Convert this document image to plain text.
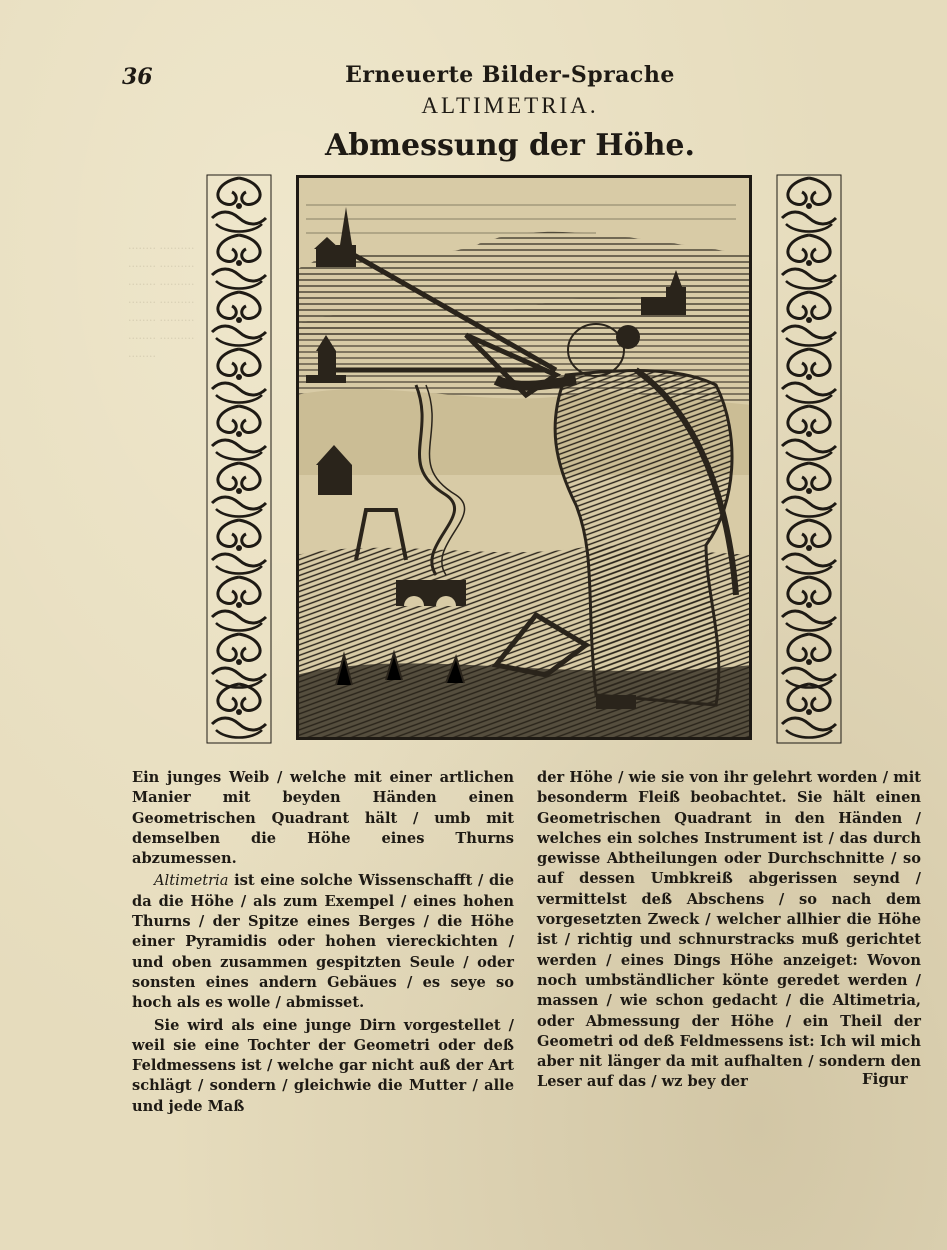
36	Erneuerte Bilder-Sprache
ALTIMETRIA.
Abmessung der Höhe.
········ ·········· ········ ·········· ········ ·········· ········ ·········· ········ ·········· ········ ·········· ········

Ein junges Weib / welche mit einer artlichen Manier mit beyden Händen einen Geometrischen Quadrant hält / umb mit demselben die Höhe eines Thurns abzumessen.

Altimetria ist eine solche Wissenschafft / die da die Höhe / als zum Exempel / eines hohen Thurns / der Spitze eines Berges / die Höhe einer Pyramidis oder hohen viereckichten / und oben zusammen gespitzten Seule / oder sonsten eines andern Gebäues / es seye so hoch als es wolle / abmisset.

Sie wird als eine junge Dirn vorgestellet / weil sie eine Tochter der Geometri oder deß Feldmessens ist / welche gar nicht auß der Art schlägt / sondern / gleichwie die Mutter / alle und jede Maß

der Höhe / wie sie von ihr gelehrt worden / mit besonderm Fleiß beobachtet. Sie hält einen Geometrischen Quadrant in den Händen / welches ein solches Instrument ist / das durch gewisse Abtheilungen oder Durchschnitte / so auf dessen Umbkreiß abgerissen seynd / vermittelst deß Abschens / so nach dem vorgesetzten Zweck / welcher allhier die Höhe ist / richtig und schnurstracks muß gerichtet werden / eines Dings Höhe anzeiget: Wovon noch umbständlicher könte geredet werden / massen / wie schon gedacht / die Altimetria, oder Abmessung der Höhe / ein Theil der Geometri od deß Feldmessens ist: Ich wil mich aber nit länger da mit aufhalten / sondern den Leser auf das / wz bey der	Figur
